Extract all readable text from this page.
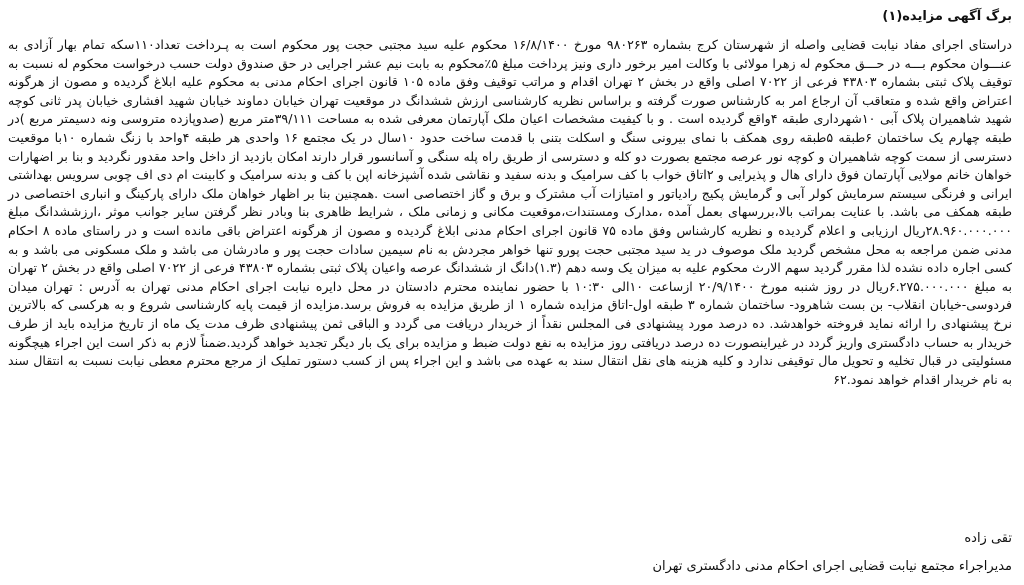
برگ آگهی مزایده(۱)

دراستای اجرای مفاد نیابت قضایی واصله از شهرستان کرج بشماره ۹۸۰۲۶۳ مورخ ۱۶/۸/۱۴۰۰ محکوم علیه سید مجتبی حجت پور محکوم است به پـرداخت تعداد۱۱۰سکه تمام بهار آزادی به عنـــوان محکوم بـــه در حـــق محکوم له زهرا مولائی با وکالت امیر برخور داری ونیز پرداخت مبلغ ۵٪محکوم به بابت نیم عشر اجرایی در حق صندوق دولت حسب درخواست محکوم له نسبت به توقیف پلاک ثبتی بشماره ۴۳۸۰۳ فرعی از ۷۰۲۲ اصلی واقع در بخش ۲ تهران اقدام و مراتب توقیف وفق ماده ۱۰۵ قانون اجرای احکام مدنی به محکوم علیه ابلاغ گردیده و مصون از هرگونه اعتراض واقع شده و متعاقب آن ارجاع امر به کارشناس صورت گرفته و براساس نظریه کارشناسی ارزش ششدانگ در موقعیت تهران خیابان دماوند خیابان شهید افشاری خیابان پدر ثانی کوچه شهید شاهمیران پلاک آبی ۱۰شهرداری طبقه ۴واقع گردیده است . و با کیفیت مشخصات اعیان ملک آپارتمان معرفی شده به مساحت ۳۹/۱۱۱متر مربع (صدوپازده متروسی ونه دسیمتر مربع )در طبقه چهارم یک ساختمان ۶طبقه ۵طبقه روی همکف با نمای بیرونی سنگ و اسکلت بتنی با قدمت ساخت حدود ۱۰سال در یک مجتمع ۱۶ واحدی هر طبقه ۴واحد با زنگ شماره ۱۰با موقعیت دسترسی از سمت کوچه شاهمیران و کوچه نور عرصه مجتمع بصورت دو کله و دسترسی از طریق راه پله سنگی و آسانسور قرار دارند امکان بازدید از داخل واحد مقدور نگردید و بنا بر اضهارات خواهان خانم مولایی آپارتمان فوق دارای هال و پذیرایی و ۲اتاق خواب با کف سرامیک و بدنه سفید و نقاشی شده آشپزخانه اپن با کف و بدنه سرامیک و کابینت ام دی اف چوبی سرویس بهداشتی ایرانی و فرنگی سیستم سرمایش کولر آبی و گرمایش پکیج رادیاتور و امتیازات آب مشترک و برق و گاز اختصاصی است .همچنین بنا بر اظهار خواهان ملک دارای پارکینگ و انباری اختصاصی در طبقه همکف می باشد. با عنایت بمراتب بالا،بررسهای بعمل آمده ،مدارک ومستندات،موقعیت مکانی و زمانی ملک ، شرایط ظاهری بنا وبادر نظر گرفتن سایر جوانب موثر ،ارزششدانگ مبلغ ۲۸.۹۶۰.۰۰۰.۰۰۰ریال ارزیابی و اعلام گردیده و نظریه کارشناس وفق ماده ۷۵ قانون اجرای احکام مدنی ابلاغ گردیده و مصون از هرگونه اعتراض باقی مانده است و در راستای ماده ۸ احکام مدنی ضمن مراجعه به محل مشخص گردید ملک موصوف در ید سید مجتبی حجت پورو تنها خواهر مجردش به نام سیمین سادات حجت پور و مادرشان می باشد و ملک مسکونی می باشد و به کسی اجاره داده نشده لذا مقرر گردید سهم الارث محکوم علیه به میزان یک وسه دهم (۱.۳)دانگ از ششدانگ عرصه واعیان پلاک ثبتی بشماره ۴۳۸۰۳ فرعی از ۷۰۲۲ اصلی واقع در بخش ۲ تهران به مبلغ ۶.۲۷۵.۰۰۰.۰۰۰ریال در روز شنبه مورخ ۲۰/۹/۱۴۰۰ ازساعت ۱۰الی ۱۰:۳۰ با حضور نماینده محترم دادستان در محل دایره نیابت اجرای احکام مدنی تهران به آدرس : تهران میدان فردوسی-خیابان انقلاب- بن بست شاهرود- ساختمان شماره ۳ طبقه اول-اتاق مزایده شماره ۱ از طریق مزایده به فروش برسد.مزایده از قیمت پایه کارشناسی شروع و به هرکسی که بالاترین نرخ پیشنهادی را ارائه نماید فروخته خواهدشد. ده درصد مورد پیشنهادی فی المجلس نقداً از خریدار دریافت می گردد و الباقی ثمن پیشنهادی ظرف مدت یک ماه از تاریخ مزایده باید از طرف خریدار به حساب دادگستری واریز گردد در غیراینصورت ده درصد دریافتی روز مزایده به نفع دولت ضبط و مزایده برای یک بار دیگر تجدید خواهد گردید.ضمناً لازم به ذکر است این اجراء هیچگونه مسئولیتی در قبال تخلیه و تحویل مال توقیفی ندارد و کلیه هزینه های نقل انتقال سند به عهده می باشد و این اجراء پس از کسب دستور تملیک از مرجع محترم معطی نیابت نسبت به انتقال سند به نام خریدار اقدام خواهد نمود.۶۲

تقی زاده
مدیراجراء مجتمع نیابت قضایی اجرای احکام مدنی دادگستری تهران
